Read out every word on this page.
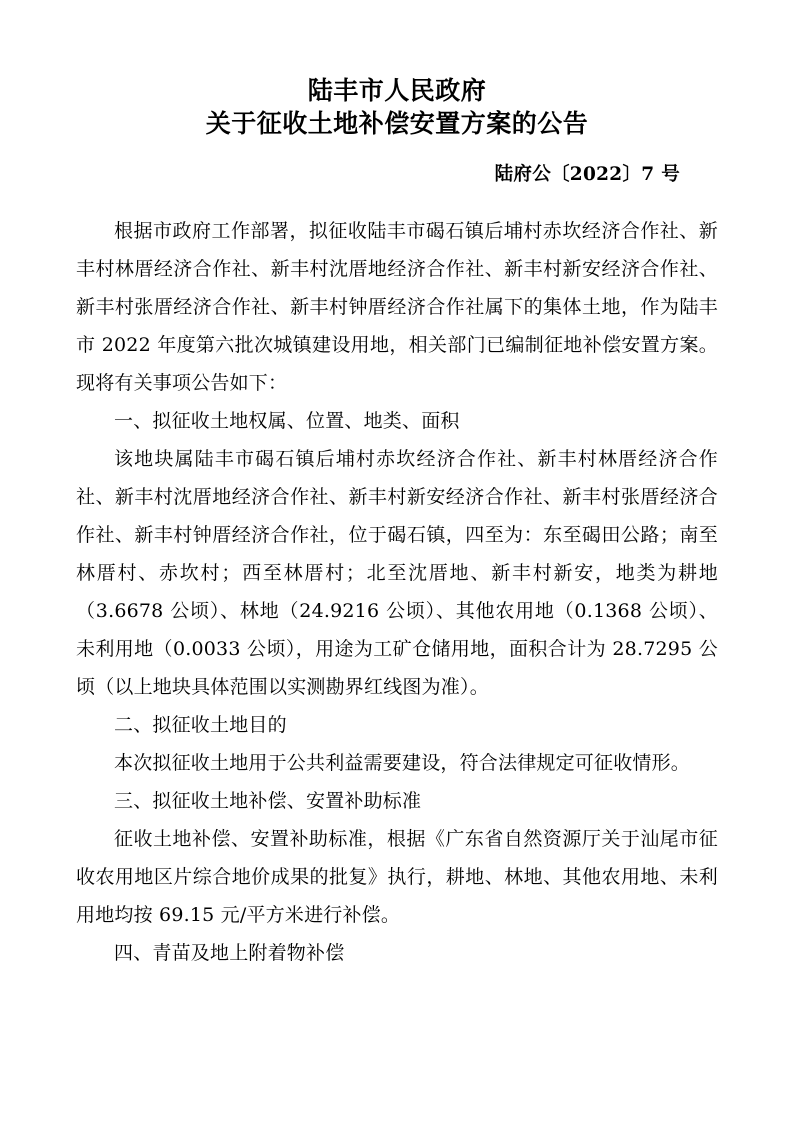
陆丰市人民政府
关于征收土地补偿安置方案的公告
陆府公〔2022〕7 号

根据市政府工作部署，拟征收陆丰市碣石镇后埔村赤坎经济合作社、新丰村林厝经济合作社、新丰村沈厝地经济合作社、新丰村新安经济合作社、新丰村张厝经济合作社、新丰村钟厝经济合作社属下的集体土地，作为陆丰市 2022 年度第六批次城镇建设用地，相关部门已编制征地补偿安置方案。现将有关事项公告如下：

一、拟征收土地权属、位置、地类、面积

该地块属陆丰市碣石镇后埔村赤坎经济合作社、新丰村林厝经济合作社、新丰村沈厝地经济合作社、新丰村新安经济合作社、新丰村张厝经济合作社、新丰村钟厝经济合作社，位于碣石镇，四至为：东至碣田公路；南至林厝村、赤坎村；西至林厝村；北至沈厝地、新丰村新安，地类为耕地（3.6678 公顷）、林地（24.9216 公顷）、其他农用地（0.1368 公顷）、未利用地（0.0033 公顷），用途为工矿仓储用地，面积合计为 28.7295 公顷（以上地块具体范围以实测勘界红线图为准）。

二、拟征收土地目的

本次拟征收土地用于公共利益需要建设，符合法律规定可征收情形。

三、拟征收土地补偿、安置补助标准

征收土地补偿、安置补助标准，根据《广东省自然资源厅关于汕尾市征收农用地区片综合地价成果的批复》执行，耕地、林地、其他农用地、未利用地均按 69.15 元/平方米进行补偿。

四、青苗及地上附着物补偿
